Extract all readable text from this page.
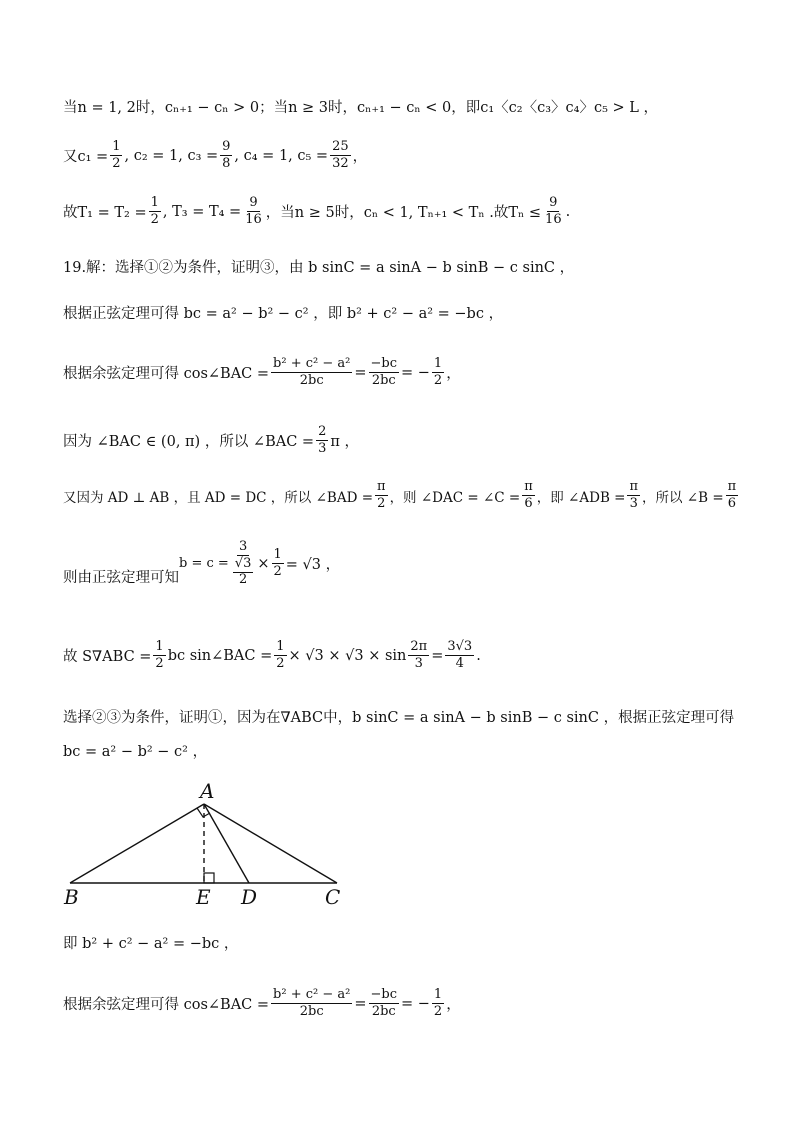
当n = 1, 2时，cₙ₊₁ − cₙ > 0；当n ≥ 3时，cₙ₊₁ − cₙ < 0，即c₁〈c₂〈c₃〉c₄〉c₅ > L ，
又$c_1 = \frac{1}{2}$ , c₂ = 1, $c_3 = \frac{9}{8}$ , c₄ = 1, $c_5 = \frac{25}{32}$ ，
故$T_1 = T_2 = \frac{1}{2}$ , $T_3 = T_4 = \frac{9}{16}$ ，当n ≥ 5时，cₙ < 1, Tₙ₊₁ < Tₙ .故$T_n \le \frac{9}{16}$ .
19.解：选择①②为条件，证明③，由 b sinC = a sinA − b sinB − c sinC ，
根据正弦定理可得 bc = a² − b² − c² ，即 b² + c² − a² = −bc ，
根据余弦定理可得 cos∠BAC = $\frac{\text{b² + c² − a²}}{2bc} = \frac{-bc}{2bc}$ = − $\frac{1}{2}$ ，
因为 ∠BAC ∈ (0, π) ，所以 ∠BAC = $\frac{2}{3}$ π ，
又因为 AD ⊥ AB ，且 AD = DC ，所以 ∠BAD = $\frac{\pi}{2}$ ，则 ∠DAC = ∠C = $\frac{\pi}{6}$ ，即 ∠ADB = $\frac{\pi}{3}$ ，所以 ∠B = $\frac{\pi}{6}$
则由正弦定理可知
b = c = 3
√3
$2 \times \frac{1}{2} = √3$ ，
故 $S\nabla ABC = \frac{1}{2}$ bc sin∠BAC = $\frac{1}{2} \times √3 \times √3 \times \sin \frac{2\pi}{3} = \frac{3√3}{4}$ .
选择②③为条件，证明①，因为在∇ABC中，b sinC = a sinA − b sinB − c sinC ，根据正弦定理可得
bc = a² − b² − c² ，
A
B	E D	C
即 b² + c² − a² = −bc ，
根据余弦定理可得 cos∠BAC = $\frac{\text{b² + c² − a²}}{2bc} = \frac{-bc}{2bc}$ = − $\frac{1}{2}$ ，
